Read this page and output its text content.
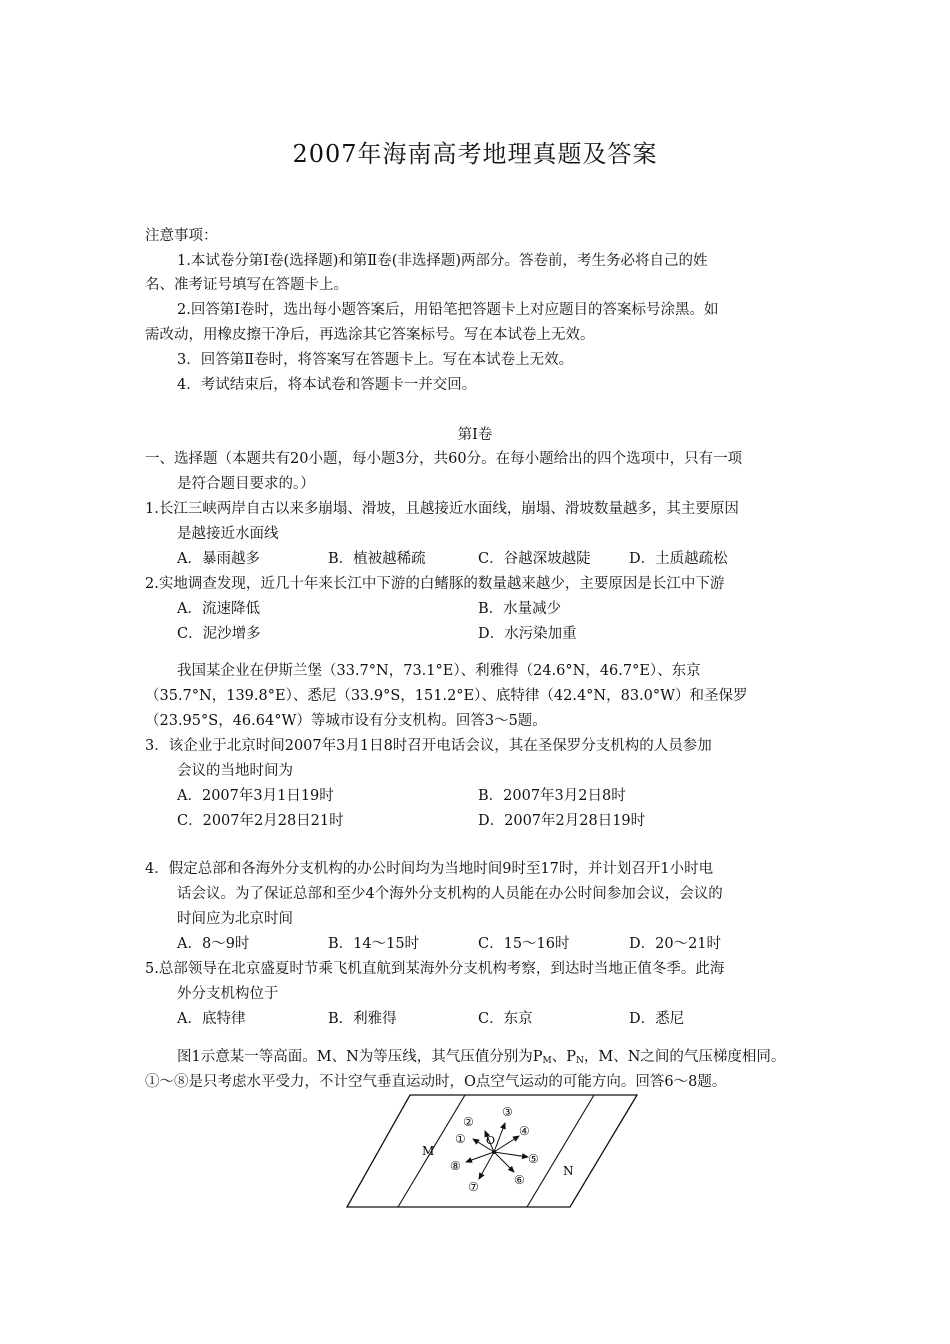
2007年海南高考地理真题及答案
注意事项：
1.本试卷分第Ⅰ卷(选择题)和第Ⅱ卷(非选择题)两部分。答卷前，考生务必将自己的姓
名、准考证号填写在答题卡上。
2.回答第Ⅰ卷时，选出每小题答案后，用铅笔把答题卡上对应题目的答案标号涂黑。如
需改动，用橡皮擦干净后，再选涂其它答案标号。写在本试卷上无效。
3．回答第Ⅱ卷时，将答案写在答题卡上。写在本试卷上无效。
4．考试结束后，将本试卷和答题卡一并交回。
第Ⅰ卷
一、选择题（本题共有20小题，每小题3分，共60分。在每小题给出的四个选项中，只有一项
是符合题目要求的。）
1.长江三峡两岸自古以来多崩塌、滑坡，且越接近水面线，崩塌、滑坡数量越多，其主要原因
是越接近水面线
A．暴雨越多	B．植被越稀疏	C．谷越深坡越陡	D．土质越疏松
2.实地调查发现，近几十年来长江中下游的白鳍豚的数量越来越少，主要原因是长江中下游
A．流速降低	B．水量减少
C．泥沙增多	D．水污染加重
我国某企业在伊斯兰堡（33.7°N，73.1°E）、利雅得（24.6°N，46.7°E）、东京
（35.7°N，139.8°E）、悉尼（33.9°S，151.2°E）、底特律（42.4°N，83.0°W）和圣保罗
（23.95°S，46.64°W）等城市设有分支机构。回答3～5题。
3．该企业于北京时间2007年3月1日8时召开电话会议，其在圣保罗分支机构的人员参加
会议的当地时间为
A．2007年3月1日19时	B．2007年3月2日8时
C．2007年2月28日21时	D．2007年2月28日19时
4．假定总部和各海外分支机构的办公时间均为当地时间9时至17时，并计划召开1小时电
话会议。为了保证总部和至少4个海外分支机构的人员能在办公时间参加会议，会议的
时间应为北京时间
A．8～9时	B．14～15时	C．15～16时	D．20～21时
5.总部领导在北京盛夏时节乘飞机直航到某海外分支机构考察，到达时当地正值冬季。此海
外分支机构位于
A．底特律	B．利雅得	C．东京	D．悉尼
图1示意某一等高面。M、N为等压线，其气压值分别为$P_M$、$P_N$，M、N之间的气压梯度相同。
①～⑧是只考虑水平受力，不计空气垂直运动时，O点空气运动的可能方向。回答6～8题。
M
N
O
①
②
③
④
⑤
⑥
⑦
⑧
